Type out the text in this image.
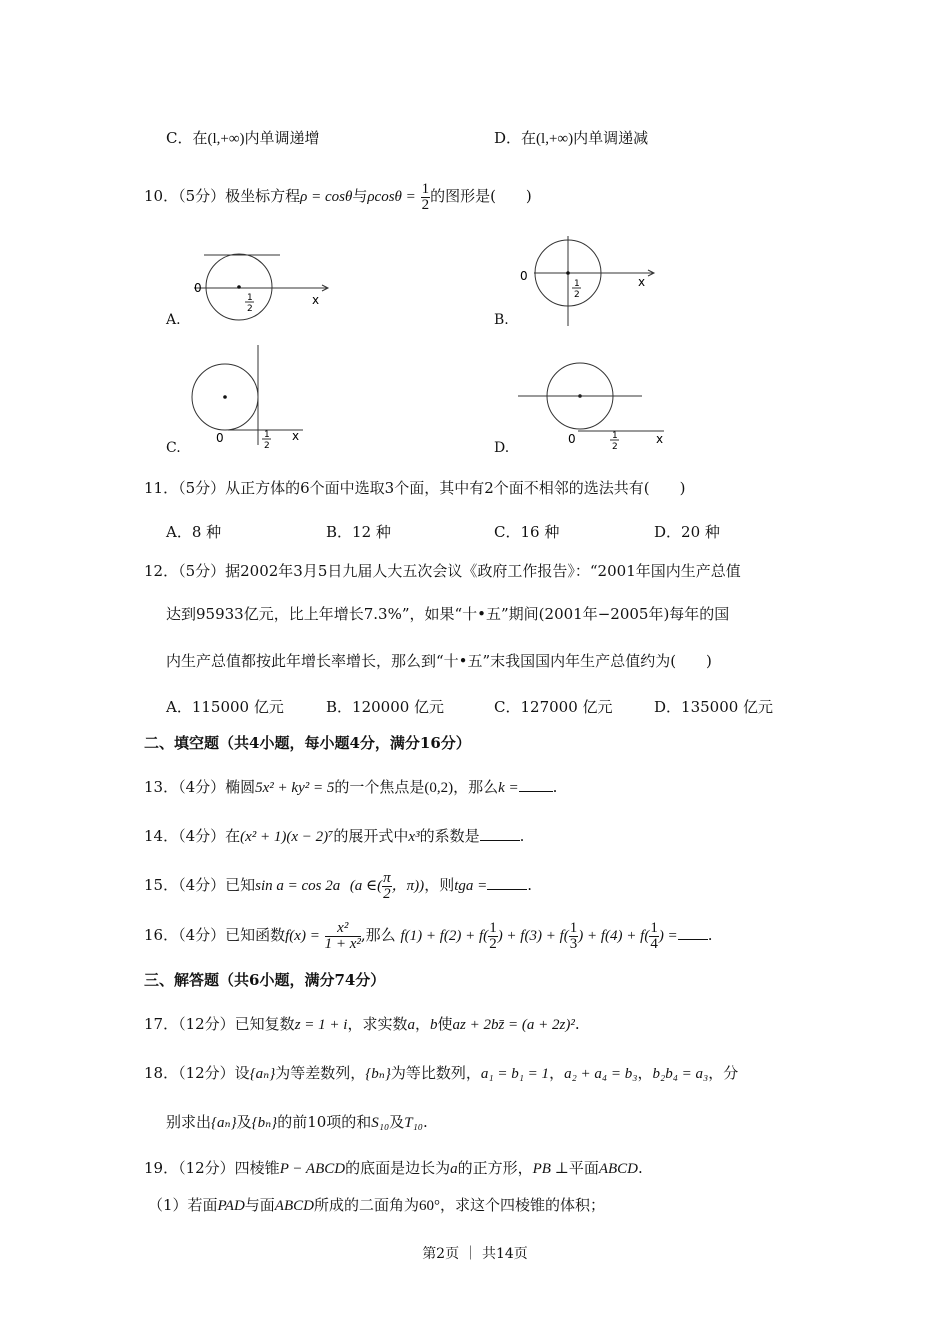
C．在(l,+∞)内单调递增	D．在(l,+∞)内单调递减
10．（5分）极坐标方程ρ = cosθ与$\rho\cos\theta = \frac{1}{2}$ 的图形是(　　)
0
x
1
2
A.
0	x
1
2
B.
0	x
1
2
C.
0	x
1
2
D.
11．（5分）从正方体的6个面中选取3个面，其中有2个面不相邻的选法共有(　　)
A．8 种	B．12 种	C．16 种	D．20 种
12．（5分）据2002年3月5日九届人大五次会议《政府工作报告》：“2001年国内生产总值
达到95933亿元，比上年增长7.3%”，如果“十•五”期间(2001年−2005年)每年的国
内生产总值都按此年增长率增长，那么到“十•五”末我国国内年生产总值约为(　　)
A．115000 亿元	B．120000 亿元	C．127000 亿元	D．135000 亿元
二、填空题（共4小题，每小题4分，满分16分）
13．（4分）椭圆5x² + ky² = 5的一个焦点是(0,2)，那么k = .
14．（4分）在(x² + 1)(x − 2)⁷的展开式中x³的系数是	.
15．（4分）已知sin a = cos 2a (a ∈( $\frac{\pi}{2}$ ，π))，则tga =	.
16．（4分）已知函数$f(x) = \frac{\text{x²}}{\text{1 + x²}}$ ,那么 $f(1) + f(2) + f( \frac{1}{2}$ ) + $f(3) + f( \frac{1}{3}$ ) + $f(4) + f( \frac{1}{4}$ ) = .
三、解答题（共6小题，满分74分）
17．（12分）已知复数z = 1 + i，求实数a，b使az + 2bz̄ = (a + 2z)².
18．（12分）设{aₙ}为等差数列，{bₙ}为等比数列，a₁ = b₁ = 1，a₂ + a₄ = b₃，b₂b₄ = a₃，分
别求出{aₙ}及{bₙ}的前10项的和S₁₀及T₁₀.
19．（12分）四棱锥P − ABCD的底面是边长为a的正方形，PB ⊥平面ABCD.
（1）若面PAD与面ABCD所成的二面角为60°，求这个四棱锥的体积；
第2页 ｜ 共14页
